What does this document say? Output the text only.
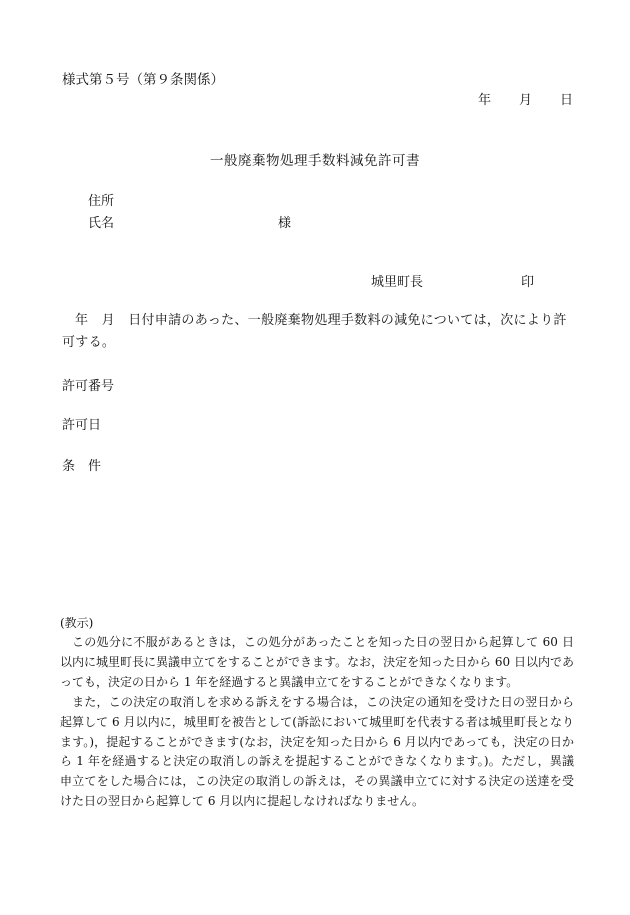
様式第５号（第９条関係）
年 月 日
一般廃棄物処理手数料減免許可書
住所
氏名	様
城里町長	印
年　月　日付申請のあった、一般廃棄物処理手数料の減免については，次により許可する。
許可番号
許可日
条　件
(教示)

この処分に不服があるときは，この処分があったことを知った日の翌日から起算して 60 日以内に城里町長に異議申立てをすることができます。なお，決定を知った日から 60 日以内であっても，決定の日から 1 年を経過すると異議申立てをすることができなくなります。

また，この決定の取消しを求める訴えをする場合は，この決定の通知を受けた日の翌日から起算して 6 月以内に，城里町を被告として(訴訟において城里町を代表する者は城里町長となります。)，提起することができます(なお，決定を知った日から 6 月以内であっても，決定の日から 1 年を経過すると決定の取消しの訴えを提起することができなくなります。)。ただし，異議申立てをした場合には，この決定の取消しの訴えは，その異議申立てに対する決定の送達を受けた日の翌日から起算して 6 月以内に提起しなければなりません。
